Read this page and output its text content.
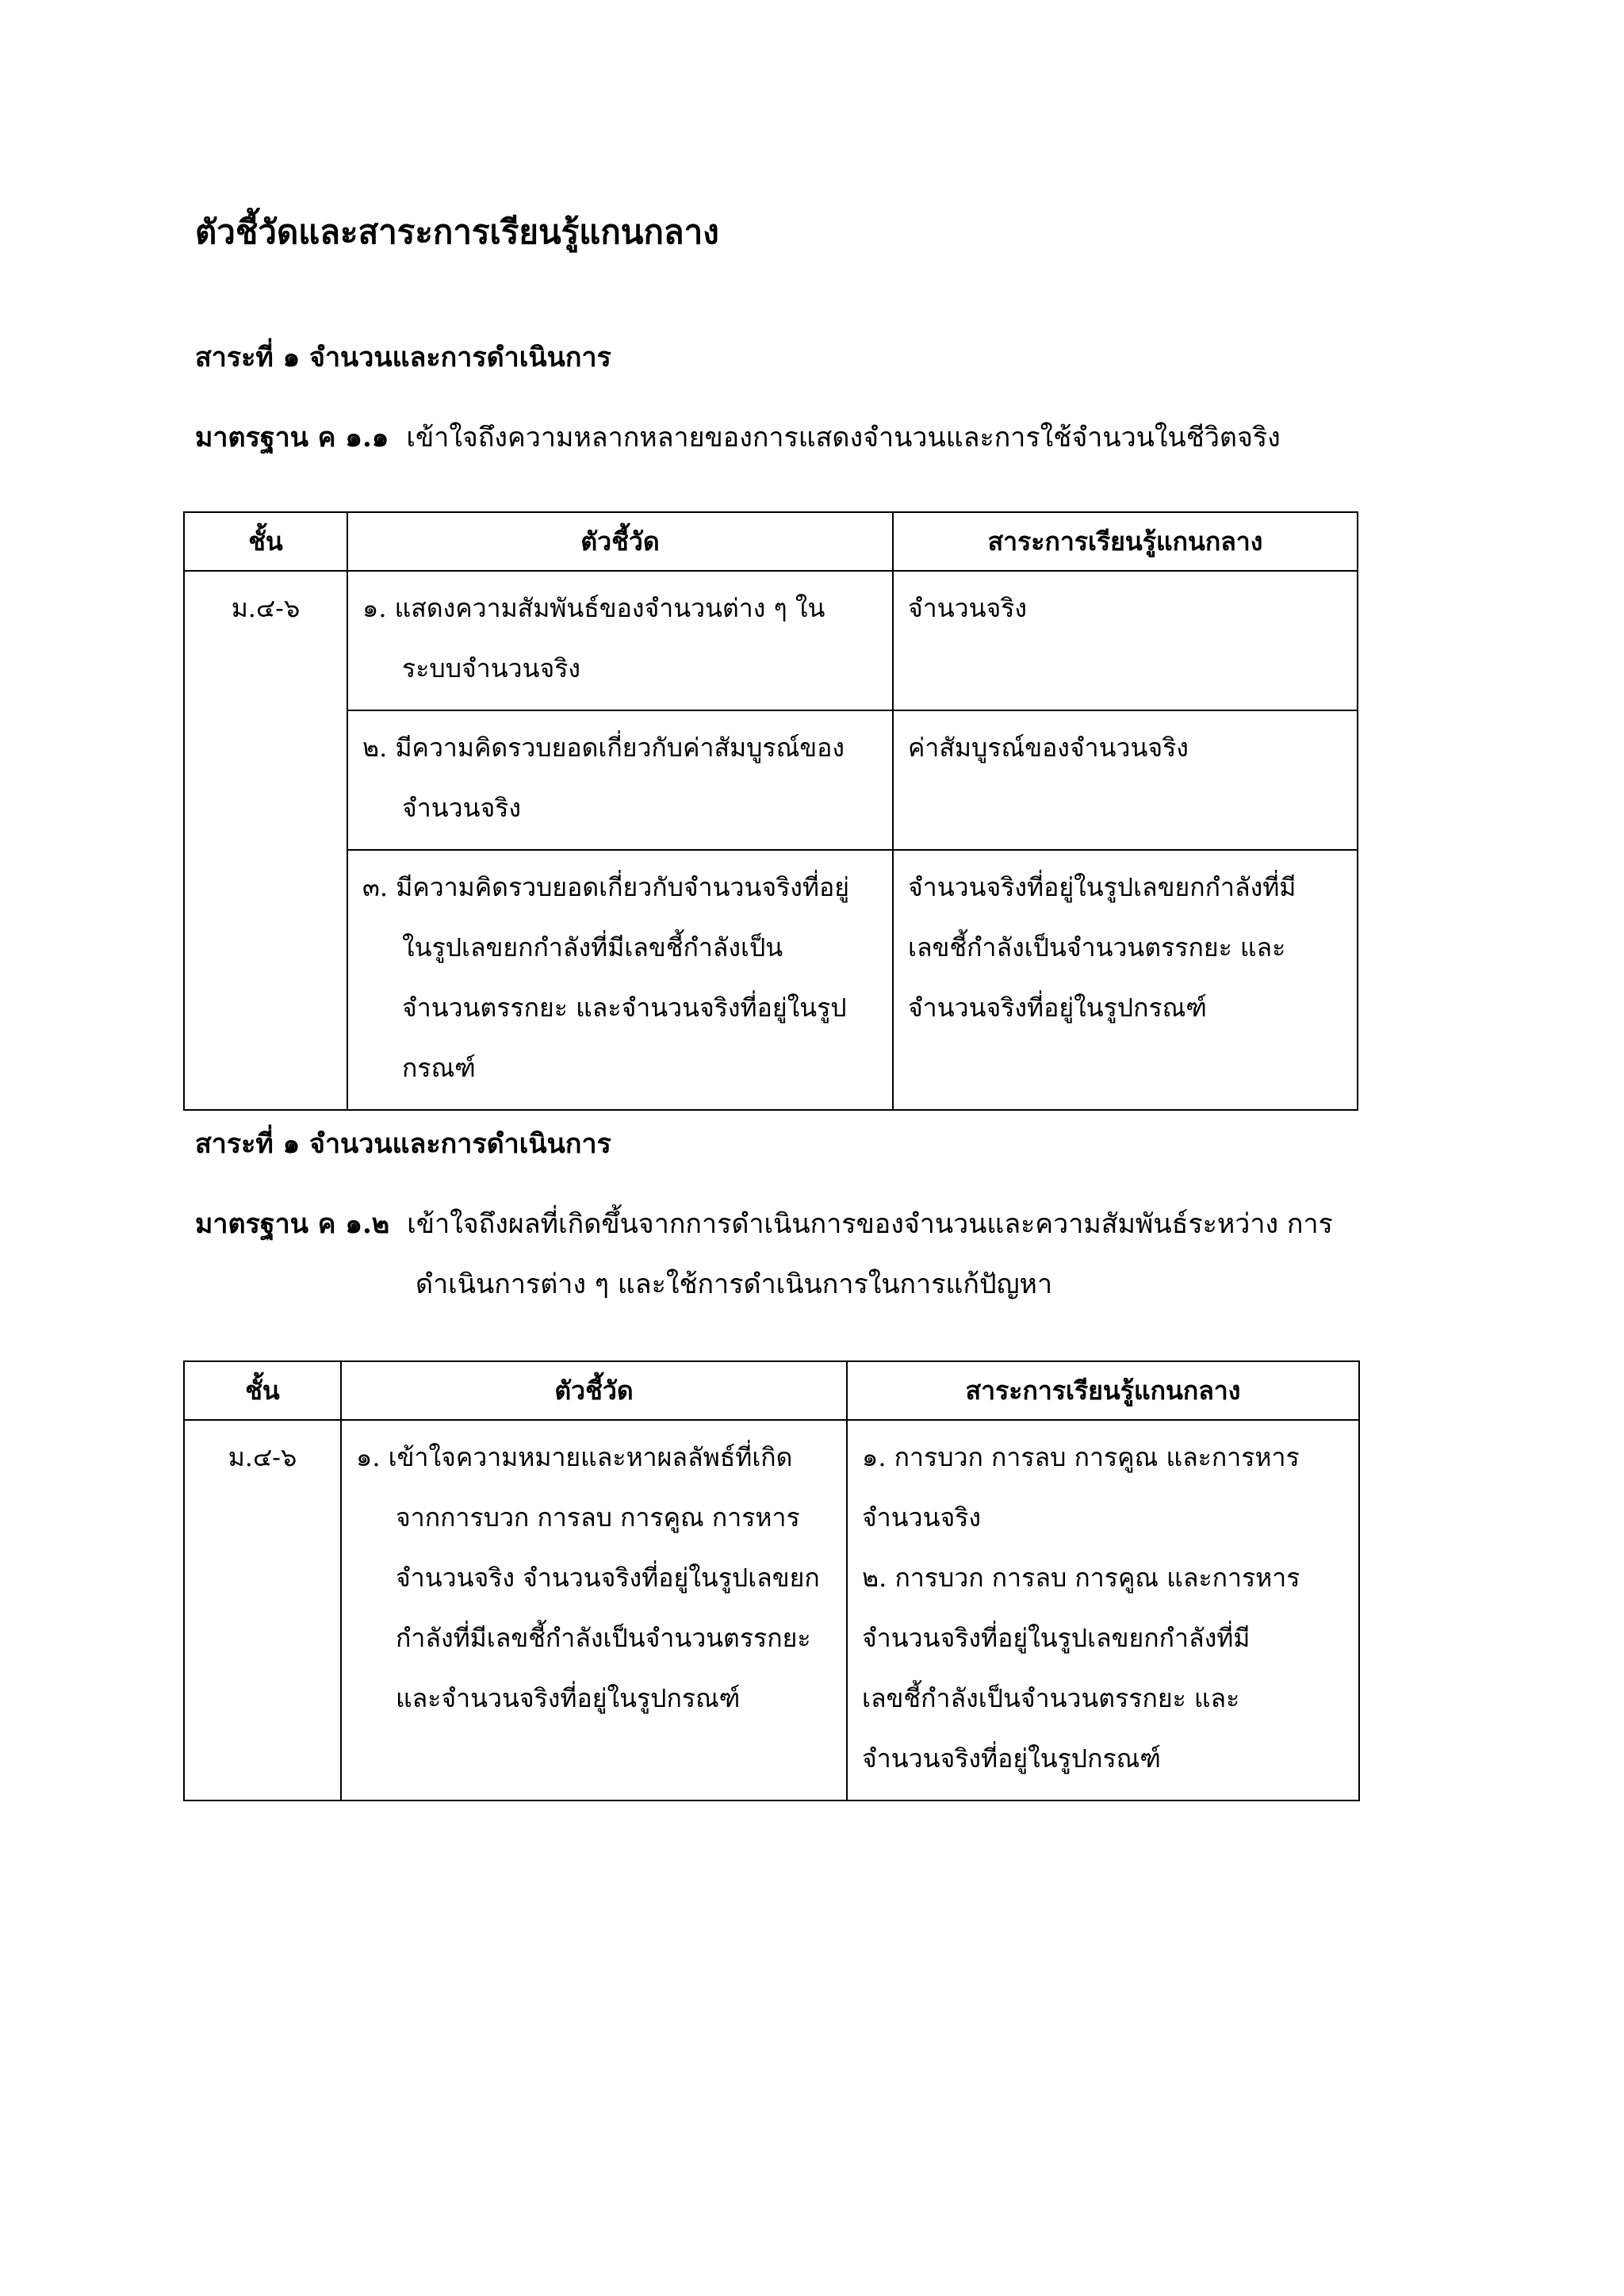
ตัวชี้วัดและสาระการเรียนรู้แกนกลาง
สาระที่ ๑ จำนวนและการดำเนินการ
มาตรฐาน ค ๑.๑ เข้าใจถึงความหลากหลายของการแสดงจำนวนและการใช้จำนวนในชีวิตจริง
ชั้น	ตัวชี้วัด	สาระการเรียนรู้แกนกลาง
ม.๔-๖	๑. แสดงความสัมพันธ์ของจำนวนต่าง ๆ ในระบบจำนวนจริง	จำนวนจริง

	๒. มีความคิดรวบยอดเกี่ยวกับค่าสัมบูรณ์ของจำนวนจริง	ค่าสัมบูรณ์ของจำนวนจริง

	๓. มีความคิดรวบยอดเกี่ยวกับจำนวนจริงที่อยู่ในรูปเลขยกกำลังที่มีเลขชี้กำลังเป็นจำนวนตรรกยะ และจำนวนจริงที่อยู่ในรูปกรณฑ์	จำนวนจริงที่อยู่ในรูปเลขยกกำลังที่มีเลขชี้กำลังเป็นจำนวนตรรกยะ และจำนวนจริงที่อยู่ในรูปกรณฑ์
สาระที่ ๑ จำนวนและการดำเนินการ
มาตรฐาน ค ๑.๒ เข้าใจถึงผลที่เกิดขึ้นจากการดำเนินการของจำนวนและความสัมพันธ์ระหว่าง การ
ดำเนินการต่าง ๆ และใช้การดำเนินการในการแก้ปัญหา
ชั้น	ตัวชี้วัด	สาระการเรียนรู้แกนกลาง
ม.๔-๖	๑. เข้าใจความหมายและหาผลลัพธ์ที่เกิดจากการบวก การลบ การคูณ การหารจำนวนจริง จำนวนจริงที่อยู่ในรูปเลขยกกำลังที่มีเลขชี้กำลังเป็นจำนวนตรรกยะ และจำนวนจริงที่อยู่ในรูปกรณฑ์	๑. การบวก การลบ การคูณ และการหารจำนวนจริง
๒. การบวก การลบ การคูณ และการหารจำนวนจริงที่อยู่ในรูปเลขยกกำลังที่มีเลขชี้กำลังเป็นจำนวนตรรกยะ และจำนวนจริงที่อยู่ในรูปกรณฑ์
